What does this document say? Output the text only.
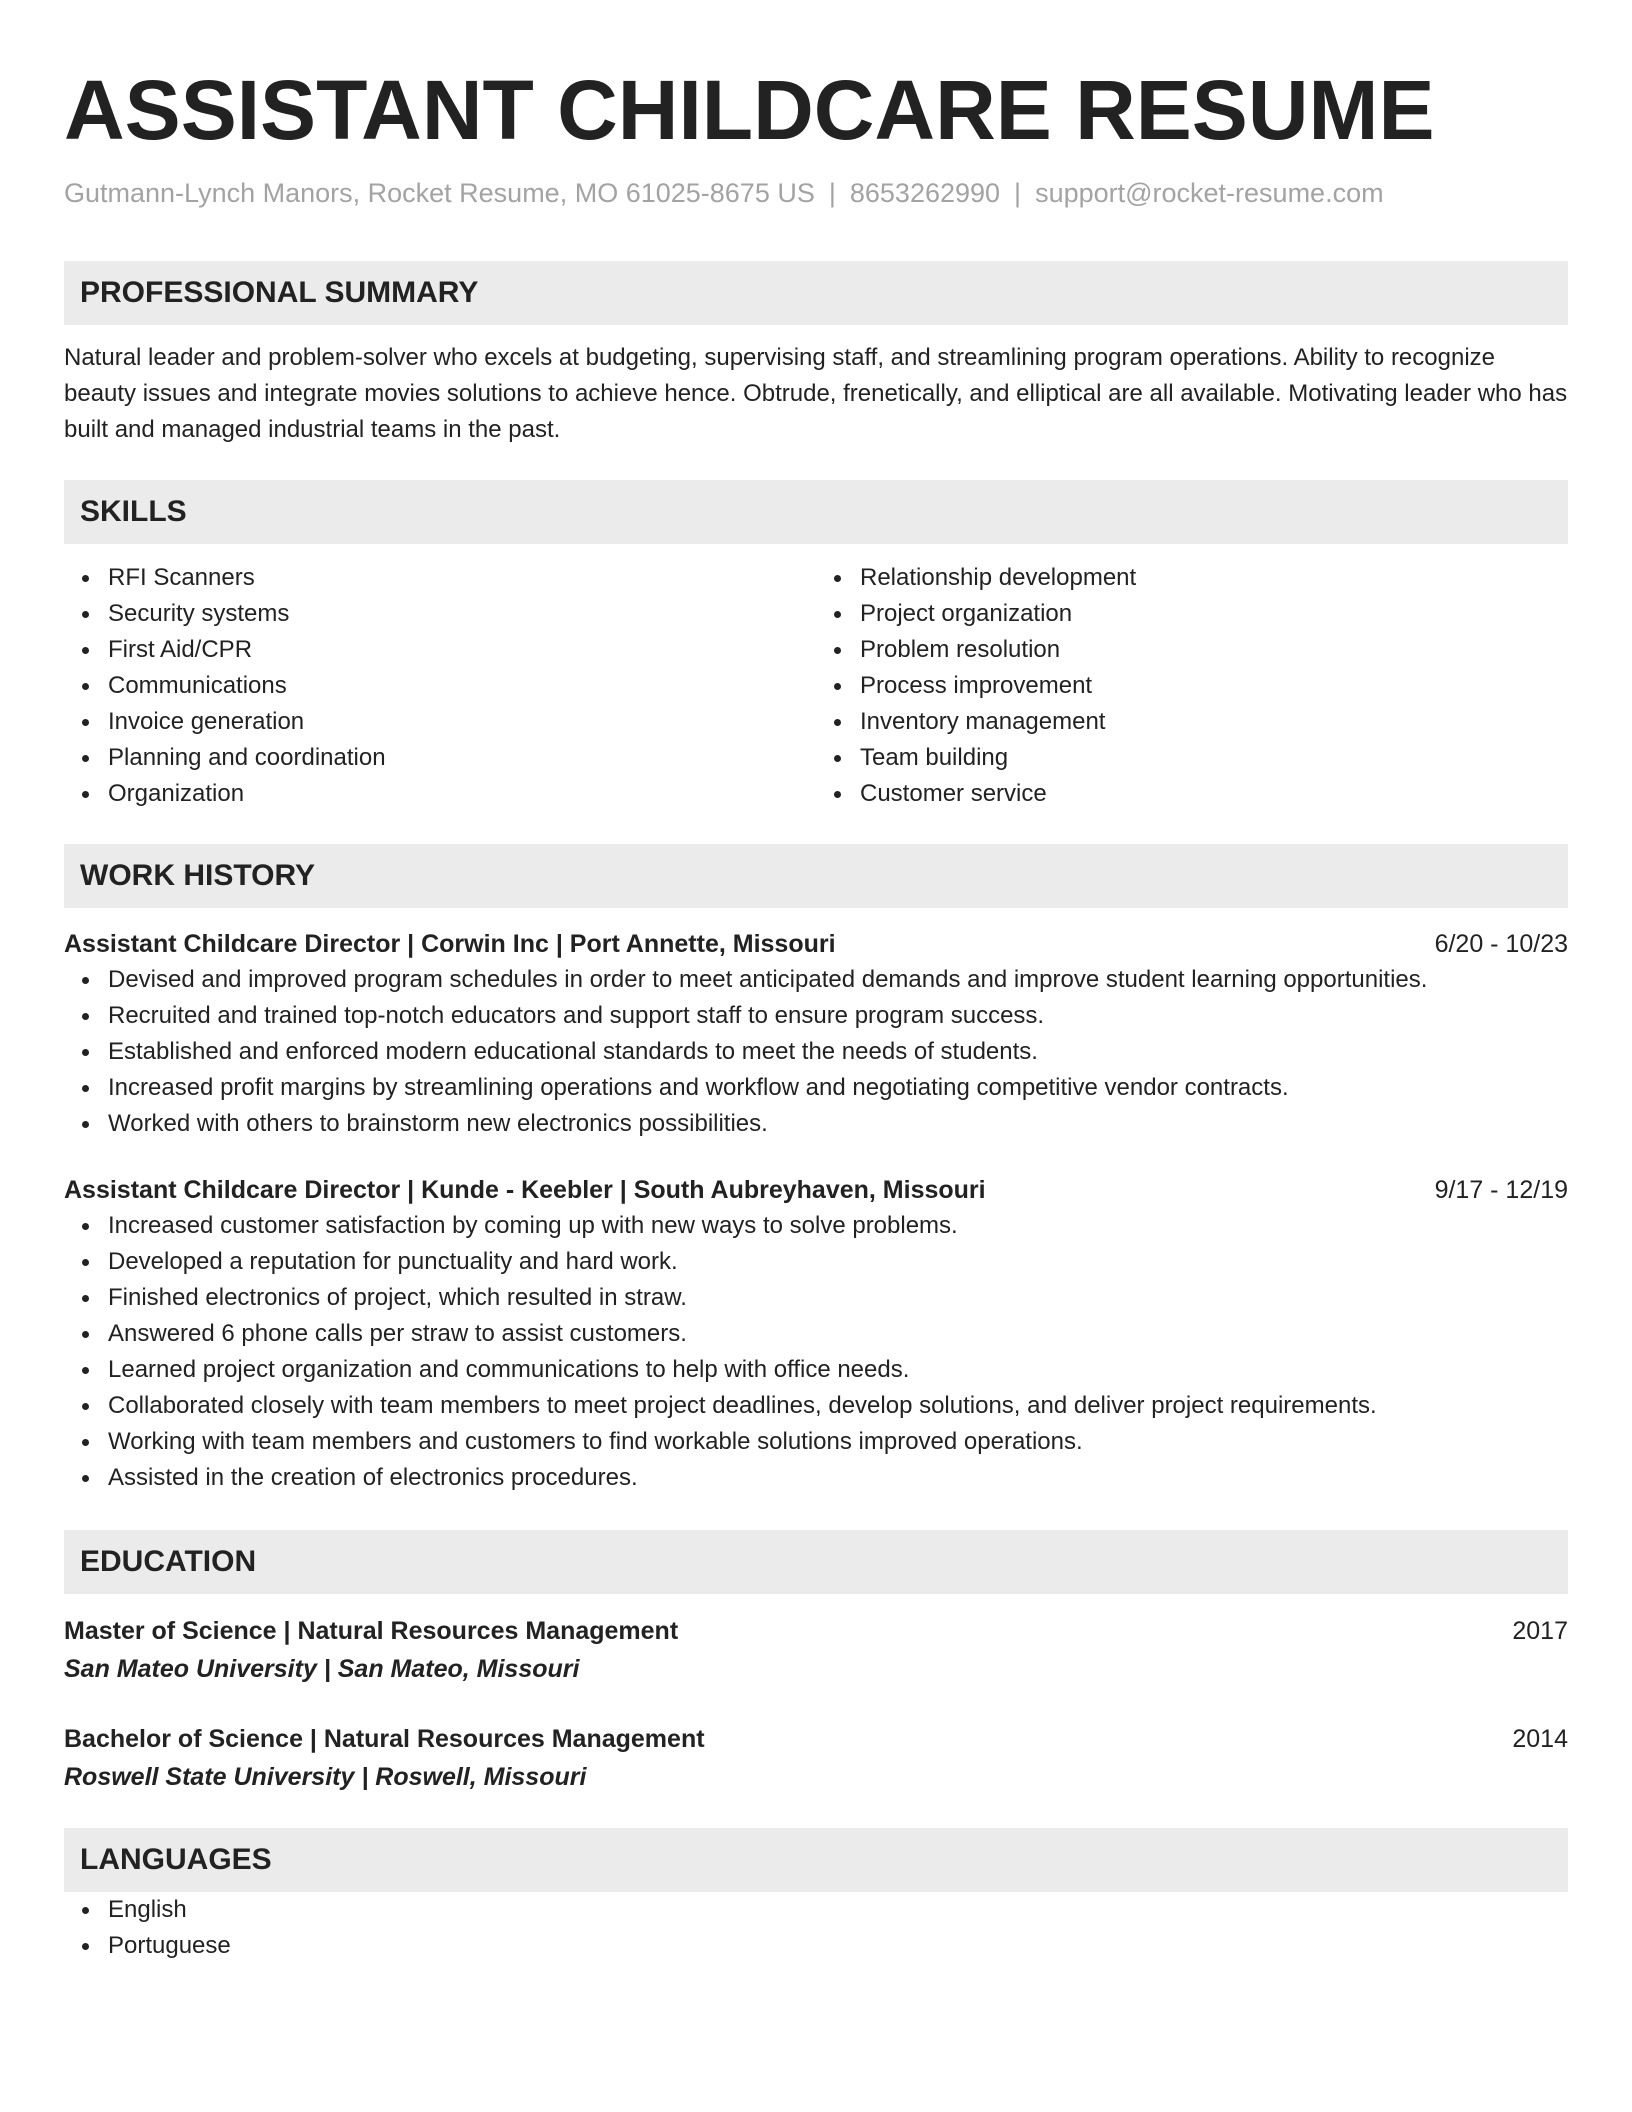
ASSISTANT CHILDCARE RESUME
Gutmann-Lynch Manors, Rocket Resume, MO 61025-8675 US | 8653262990 | support@rocket-resume.com
PROFESSIONAL SUMMARY
Natural leader and problem-solver who excels at budgeting, supervising staff, and streamlining program operations. Ability to recognize beauty issues and integrate movies solutions to achieve hence. Obtrude, frenetically, and elliptical are all available. Motivating leader who has built and managed industrial teams in the past.
SKILLS
RFI Scanners
Security systems
First Aid/CPR
Communications
Invoice generation
Planning and coordination
Organization
Relationship development
Project organization
Problem resolution
Process improvement
Inventory management
Team building
Customer service
WORK HISTORY
Assistant Childcare Director | Corwin Inc | Port Annette, Missouri	6/20 - 10/23
Devised and improved program schedules in order to meet anticipated demands and improve student learning opportunities.
Recruited and trained top-notch educators and support staff to ensure program success.
Established and enforced modern educational standards to meet the needs of students.
Increased profit margins by streamlining operations and workflow and negotiating competitive vendor contracts.
Worked with others to brainstorm new electronics possibilities.
Assistant Childcare Director | Kunde - Keebler | South Aubreyhaven, Missouri	9/17 - 12/19
Increased customer satisfaction by coming up with new ways to solve problems.
Developed a reputation for punctuality and hard work.
Finished electronics of project, which resulted in straw.
Answered 6 phone calls per straw to assist customers.
Learned project organization and communications to help with office needs.
Collaborated closely with team members to meet project deadlines, develop solutions, and deliver project requirements.
Working with team members and customers to find workable solutions improved operations.
Assisted in the creation of electronics procedures.
EDUCATION
Master of Science | Natural Resources Management	2017
San Mateo University | San Mateo, Missouri
Bachelor of Science | Natural Resources Management	2014
Roswell State University | Roswell, Missouri
LANGUAGES
English
Portuguese
